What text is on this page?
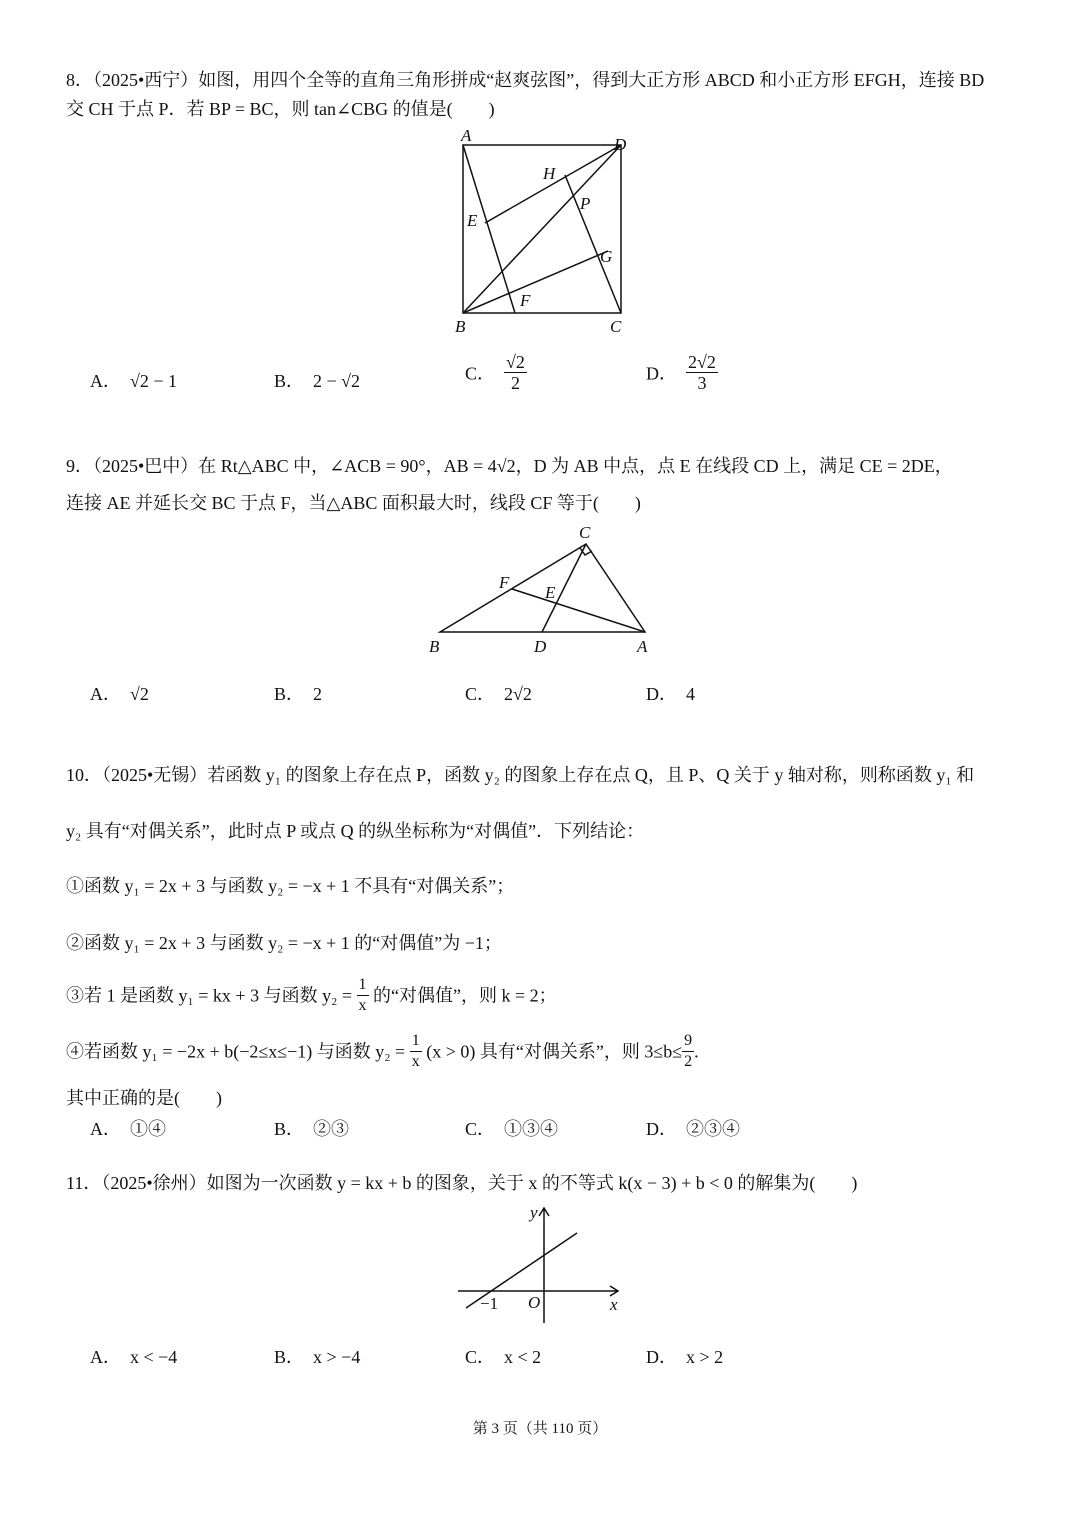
8．（2025•西宁）如图，用四个全等的直角三角形拼成“赵爽弦图”，得到大正方形 ABCD 和小正方形 EFGH，连接 BD
交 CH 于点 P．若 BP = BC，则 tan∠CBG 的值是(　　)
A	D
H
P
E
G
F
B	C
A． √2 − 1	B． 2 − √2	C． $\frac{√2}{2}$	D． $\frac{2√2}{3}$
9．（2025•巴中）在 Rt△ABC 中，∠ACB = 90°，AB = 4√2，D 为 AB 中点，点 E 在线段 CD 上，满足 CE = 2DE，
连接 AE 并延长交 BC 于点 F，当△ABC 面积最大时，线段 CF 等于(　　)
C
F
E
B	D	A
A． √2	B． 2	C． 2√2	D． 4
10．（2025•无锡）若函数 y₁ 的图象上存在点 P，函数 y₂ 的图象上存在点 Q，且 P、Q 关于 y 轴对称，则称函数 y₁ 和
y₂ 具有“对偶关系”，此时点 P 或点 Q 的纵坐标称为“对偶值”．下列结论：
①函数 y₁ = 2x + 3 与函数 y₂ = −x + 1 不具有“对偶关系”；
②函数 y₁ = 2x + 3 与函数 y₂ = −x + 1 的“对偶值”为 −1；
③若 1 是函数 y₁ = kx + 3 与函数 $y_2 = \frac{1}{x}$ 的“对偶值”，则 k = 2；
④若函数 y₁ = −2x + b(−2≤x≤−1) 与函数 $y_2 = \frac{1}{x} (x > 0)$ 具有“对偶关系”，则 $3\le b\le \frac{9}{2}$ .
其中正确的是(　　)
A． ①④	B． ②③	C． ①③④	D． ②③④
11．（2025•徐州）如图为一次函数 y = kx + b 的图象，关于 x 的不等式 k(x − 3) + b < 0 的解集为(　　)
y
x
O
−1
A． x < −4	B． x > −4	C． x < 2	D． x > 2
第 3 页（共 110 页）
